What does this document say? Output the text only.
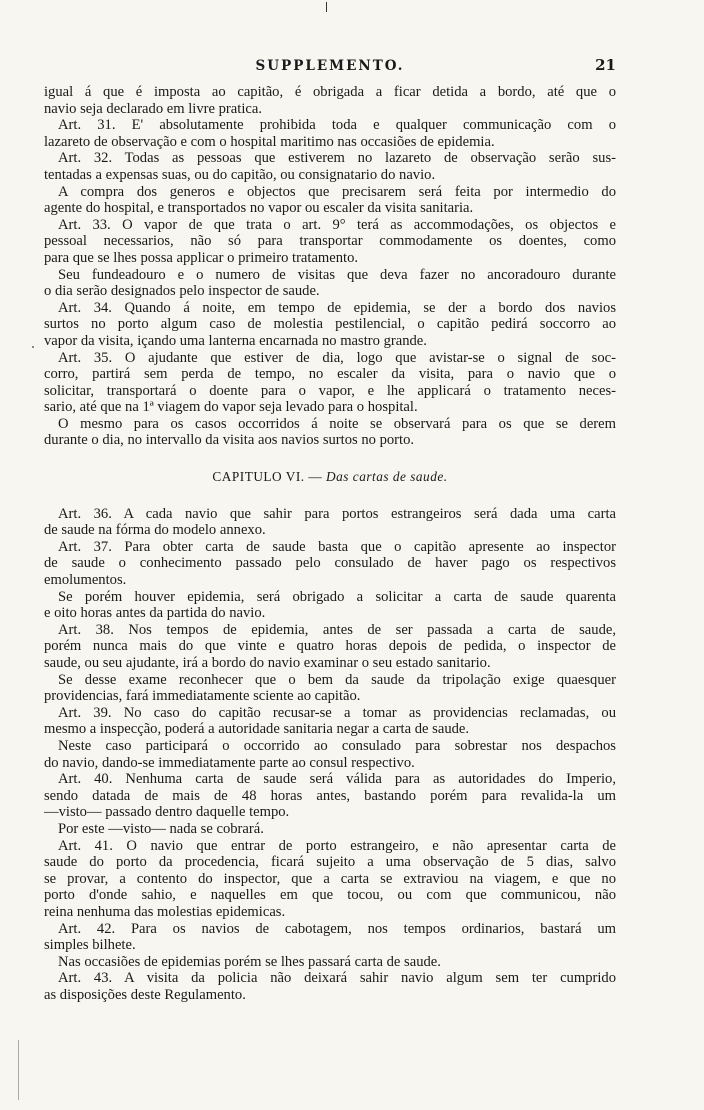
SUPPLEMENTO.	21
igual á que é imposta ao capitão, é obrigada a ficar detida a bordo, até que o
navio seja declarado em livre pratica.
Art. 31. E' absolutamente prohibida toda e qualquer communicação com o
lazareto de observação e com o hospital maritimo nas occasiões de epidemia.
Art. 32. Todas as pessoas que estiverem no lazareto de observação serão sus-
tentadas a expensas suas, ou do capitão, ou consignatario do navio.
A compra dos generos e objectos que precisarem será feita por intermedio do
agente do hospital, e transportados no vapor ou escaler da visita sanitaria.
Art. 33. O vapor de que trata o art. 9° terá as accommodações, os objectos e
pessoal necessarios, não só para transportar commodamente os doentes, como
para que se lhes possa applicar o primeiro tratamento.
Seu fundeadouro e o numero de visitas que deva fazer no ancoradouro durante
o dia serão designados pelo inspector de saude.
Art. 34. Quando á noite, em tempo de epidemia, se der a bordo dos navios
surtos no porto algum caso de molestia pestilencial, o capitão pedirá soccorro ao
vapor da visita, içando uma lanterna encarnada no mastro grande.
Art. 35. O ajudante que estiver de dia, logo que avistar-se o signal de soc-
corro, partirá sem perda de tempo, no escaler da visita, para o navio que o
solicitar, transportará o doente para o vapor, e lhe applicará o tratamento neces-
sario, até que na 1ª viagem do vapor seja levado para o hospital.
O mesmo para os casos occorridos á noite se observará para os que se derem
durante o dia, no intervallo da visita aos navios surtos no porto.
CAPITULO VI. — Das cartas de saude.
Art. 36. A cada navio que sahir para portos estrangeiros será dada uma carta
de saude na fórma do modelo annexo.
Art. 37. Para obter carta de saude basta que o capitão apresente ao inspector
de saude o conhecimento passado pelo consulado de haver pago os respectivos
emolumentos.
Se porém houver epidemia, será obrigado a solicitar a carta de saude quarenta
e oito horas antes da partida do navio.
Art. 38. Nos tempos de epidemia, antes de ser passada a carta de saude,
porém nunca mais do que vinte e quatro horas depois de pedida, o inspector de
saude, ou seu ajudante, irá a bordo do navio examinar o seu estado sanitario.
Se desse exame reconhecer que o bem da saude da tripolação exige quaesquer
providencias, fará immediatamente sciente ao capitão.
Art. 39. No caso do capitão recusar-se a tomar as providencias reclamadas, ou
mesmo a inspecção, poderá a autoridade sanitaria negar a carta de saude.
Neste caso participará o occorrido ao consulado para sobrestar nos despachos
do navio, dando-se immediatamente parte ao consul respectivo.
Art. 40. Nenhuma carta de saude será válida para as autoridades do Imperio,
sendo datada de mais de 48 horas antes, bastando porém para revalida-la um
—visto— passado dentro daquelle tempo.
Por este —visto— nada se cobrará.
Art. 41. O navio que entrar de porto estrangeiro, e não apresentar carta de
saude do porto da procedencia, ficará sujeito a uma observação de 5 dias, salvo
se provar, a contento do inspector, que a carta se extraviou na viagem, e que no
porto d'onde sahio, e naquelles em que tocou, ou com que communicou, não
reina nenhuma das molestias epidemicas.
Art. 42. Para os navios de cabotagem, nos tempos ordinarios, bastará um
simples bilhete.
Nas occasiões de epidemias porém se lhes passará carta de saude.
Art. 43. A visita da policia não deixará sahir navio algum sem ter cumprido
as disposições deste Regulamento.
